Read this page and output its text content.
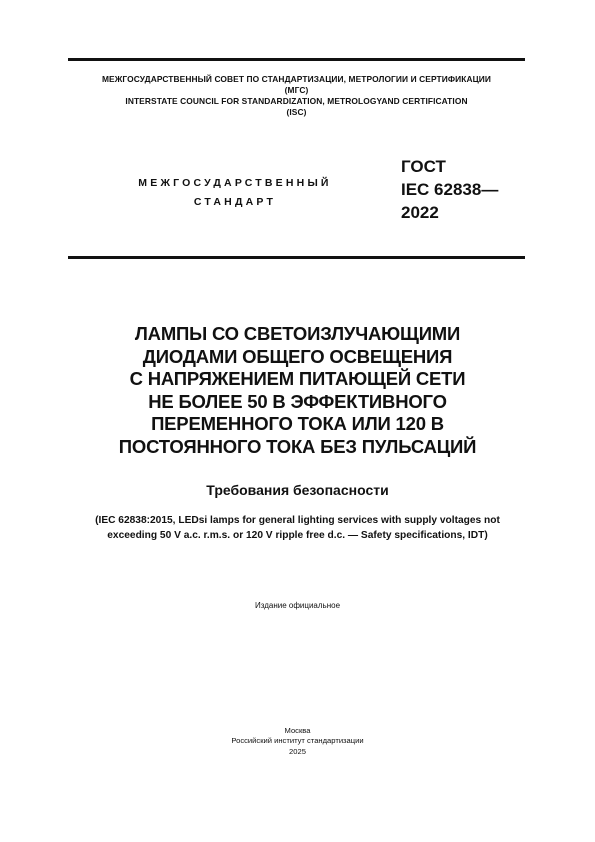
МЕЖГОСУДАРСТВЕННЫЙ СОВЕТ ПО СТАНДАРТИЗАЦИИ, МЕТРОЛОГИИ И СЕРТИФИКАЦИИ
(МГС)
INTERSTATE COUNCIL FOR STANDARDIZATION, METROLOGYAND CERTIFICATION
(ISC)
МЕЖГОСУДАРСТВЕННЫЙ
СТАНДАРТ
ГОСТ
IEC 62838—
2022
ЛАМПЫ СО СВЕТОИЗЛУЧАЮЩИМИ
ДИОДАМИ ОБЩЕГО ОСВЕЩЕНИЯ
С НАПРЯЖЕНИЕМ ПИТАЮЩЕЙ СЕТИ
НЕ БОЛЕЕ 50 В ЭФФЕКТИВНОГО
ПЕРЕМЕННОГО ТОКА ИЛИ 120 В
ПОСТОЯННОГО ТОКА БЕЗ ПУЛЬСАЦИЙ
Требования безопасности
(IEC 62838:2015, LEDsi lamps for general lighting services with supply voltages not
exceeding 50 V a.c. r.m.s. or 120 V ripple free d.c. — Safety specifications, IDT)
Издание официальное
Москва
Российский институт стандартизации
2025
